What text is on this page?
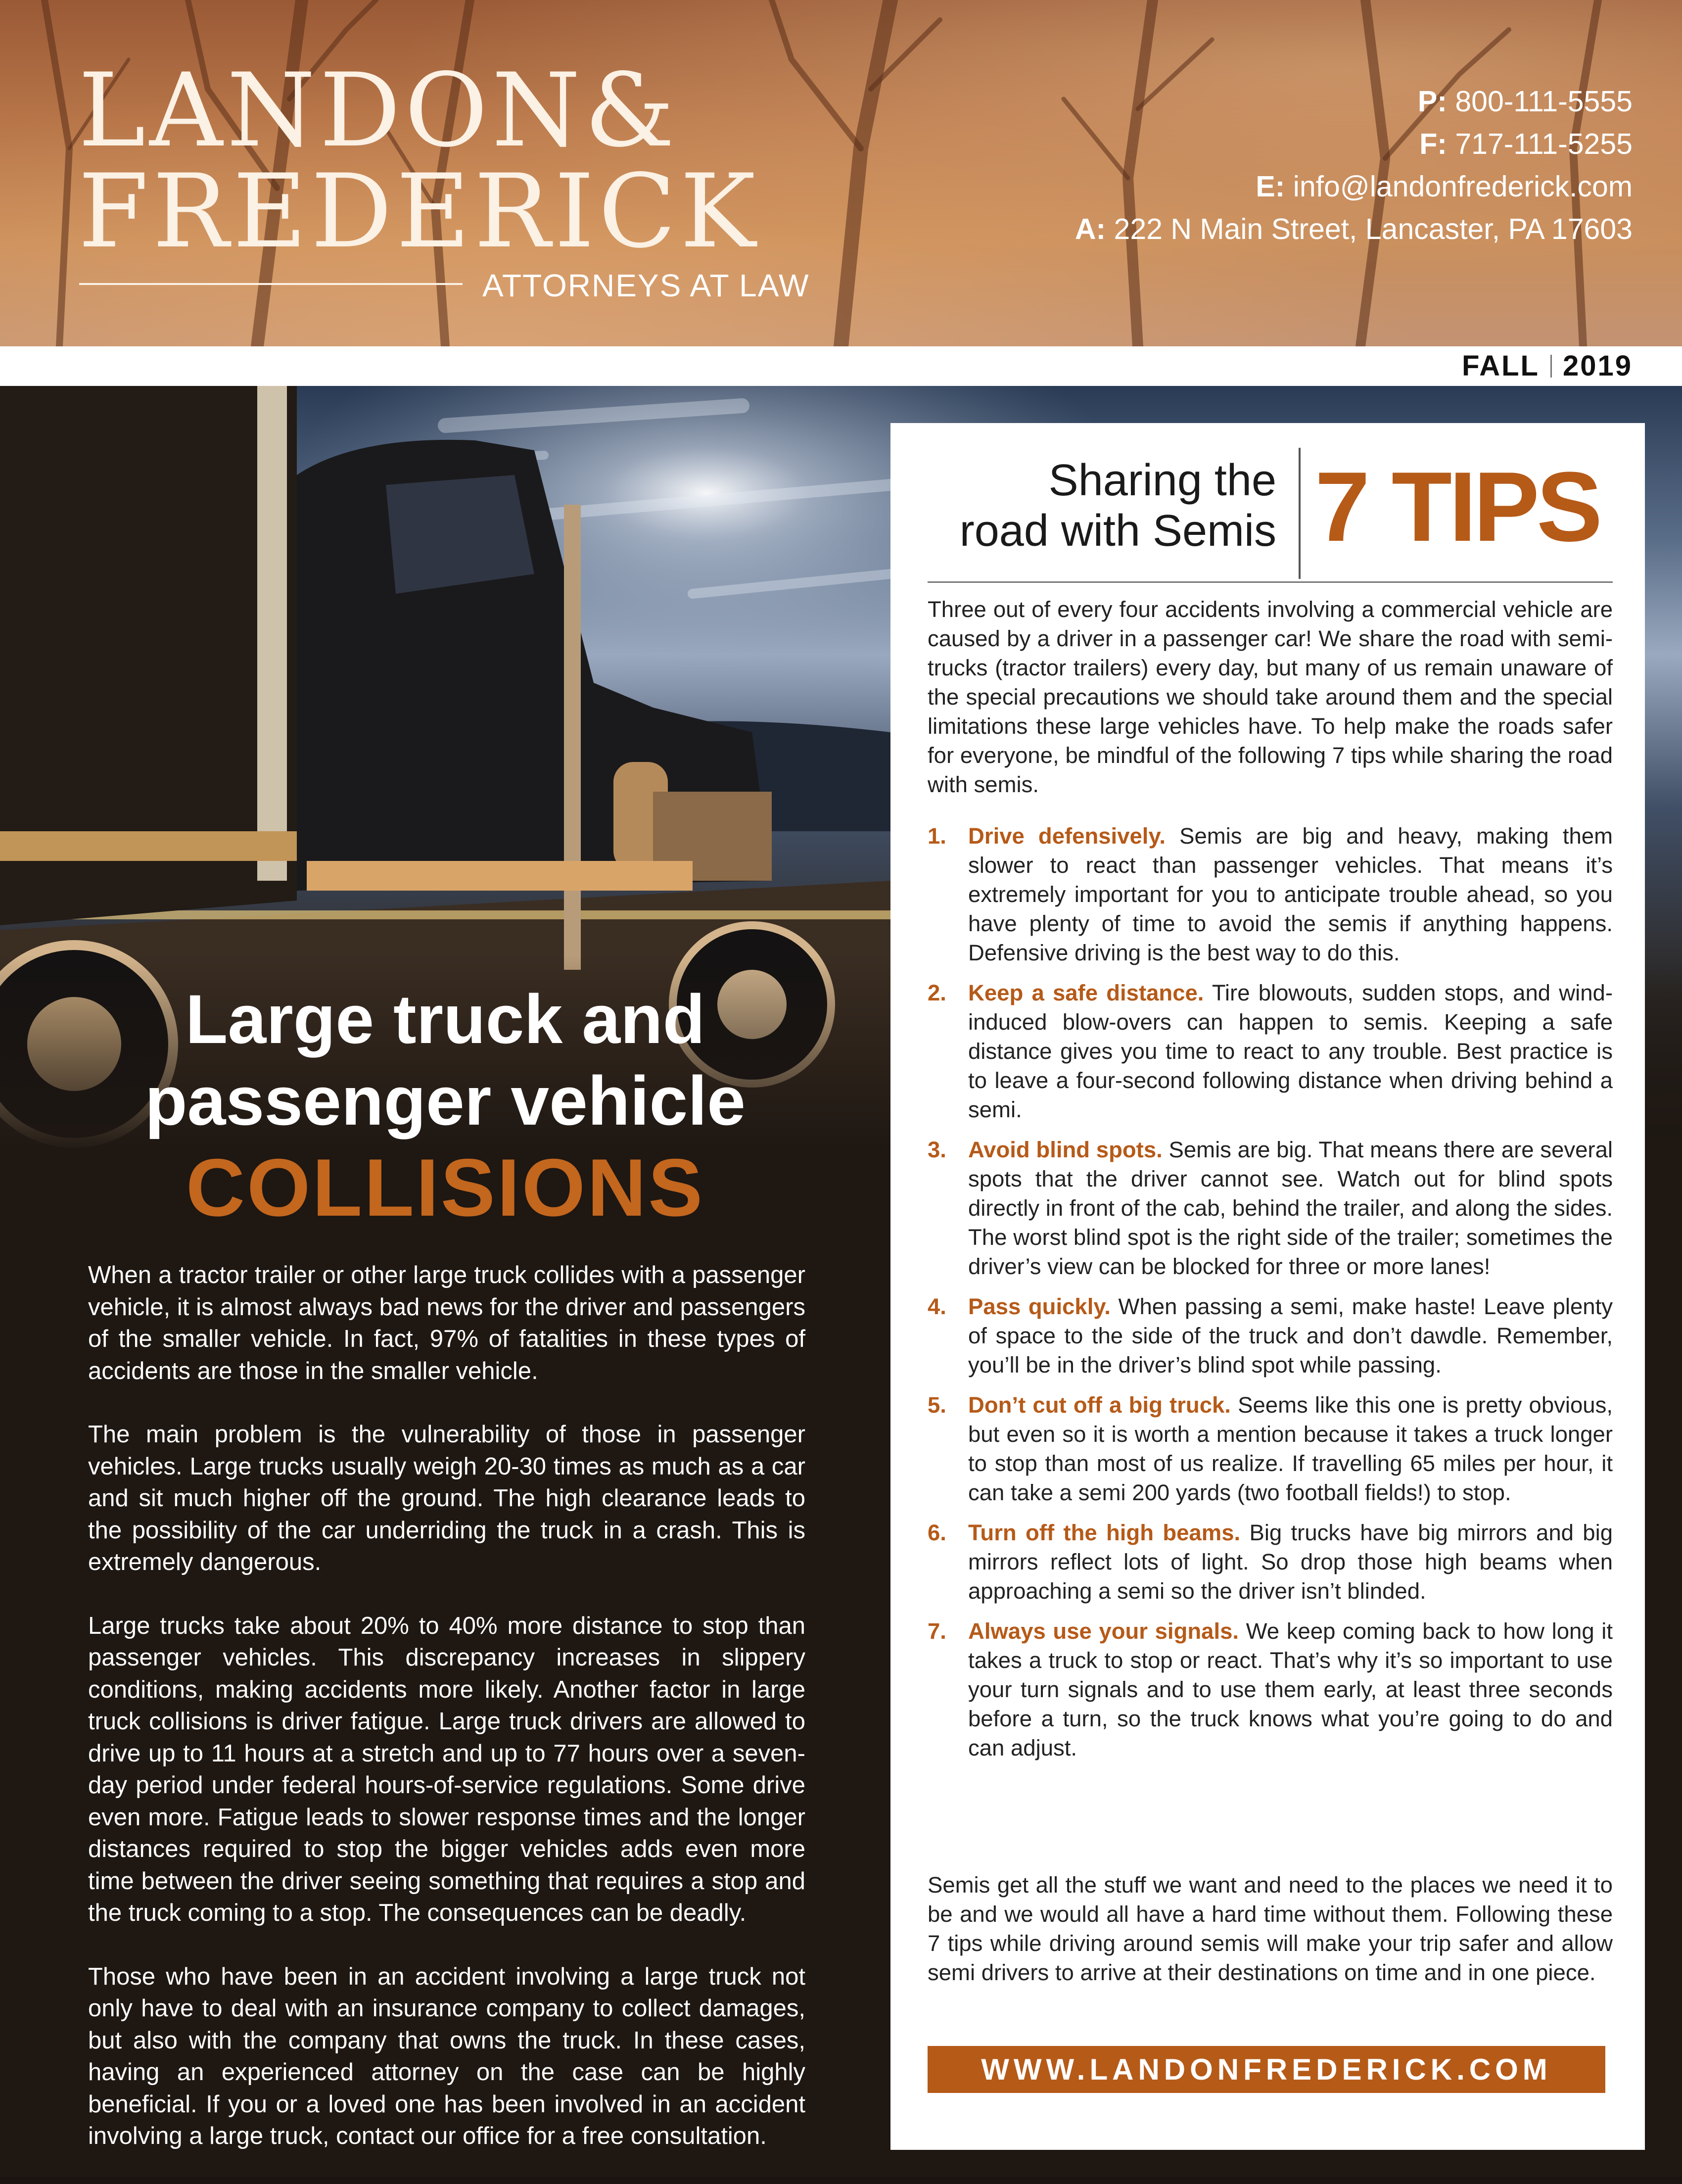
LANDON&
FREDERICK
ATTORNEYS AT LAW
P: 800-111-5555
F: 717-111-5255
E: info@landonfrederick.com
A: 222 N Main Street, Lancaster, PA 17603
FALL 2019
Large truck and
passenger vehicle
COLLISIONS

When a tractor trailer or other large truck collides with a passenger vehicle, it is almost always bad news for the driver and passengers of the smaller vehicle. In fact, 97% of fatalities in these types of accidents are those in the smaller vehicle.

The main problem is the vulnerability of those in passenger vehicles. Large trucks usually weigh 20-30 times as much as a car and sit much higher off the ground. The high clearance leads to the possibility of the car underriding the truck in a crash. This is extremely dangerous.

Large trucks take about 20% to 40% more distance to stop than passenger vehicles. This discrepancy increases in slippery conditions, making accidents more likely. Another factor in large truck collisions is driver fatigue. Large truck drivers are allowed to drive up to 11 hours at a stretch and up to 77 hours over a seven-day period under federal hours-of-service regulations. Some drive even more. Fatigue leads to slower response times and the longer distances required to stop the bigger vehicles adds even more time between the driver seeing something that requires a stop and the truck coming to a stop. The consequences can be deadly.

Those who have been in an accident involving a large truck not only have to deal with an insurance company to collect damages, but also with the company that owns the truck. In these cases, having an experienced attorney on the case can be highly beneficial. If you or a loved one has been involved in an accident involving a large truck, contact our office for a free consultation.

Sharing the
road with Semis 7 TIPS
Three out of every four accidents involving a commercial vehicle are caused by a driver in a passenger car! We share the road with semi-trucks (tractor trailers) every day, but many of us remain unaware of the special precautions we should take around them and the special limitations these large vehicles have. To help make the roads safer for everyone, be mindful of the following 7 tips while sharing the road with semis.
1. Drive defensively. Semis are big and heavy, making them slower to react than passenger vehicles. That means it’s extremely important for you to anticipate trouble ahead, so you have plenty of time to avoid the semis if anything happens. Defensive driving is the best way to do this.
2. Keep a safe distance. Tire blowouts, sudden stops, and wind-induced blow-overs can happen to semis. Keeping a safe distance gives you time to react to any trouble. Best practice is to leave a four-second following distance when driving behind a semi.
3. Avoid blind spots. Semis are big. That means there are several spots that the driver cannot see. Watch out for blind spots directly in front of the cab, behind the trailer, and along the sides. The worst blind spot is the right side of the trailer; sometimes the driver’s view can be blocked for three or more lanes!
4. Pass quickly. When passing a semi, make haste! Leave plenty of space to the side of the truck and don’t dawdle. Remember, you’ll be in the driver’s blind spot while passing.
5. Don’t cut off a big truck. Seems like this one is pretty obvious, but even so it is worth a mention because it takes a truck longer to stop than most of us realize. If travelling 65 miles per hour, it can take a semi 200 yards (two football fields!) to stop.
6. Turn off the high beams. Big trucks have big mirrors and big mirrors reflect lots of light. So drop those high beams when approaching a semi so the driver isn’t blinded.
7. Always use your signals. We keep coming back to how long it takes a truck to stop or react. That’s why it’s so important to use your turn signals and to use them early, at least three seconds before a turn, so the truck knows what you’re going to do and can adjust.
Semis get all the stuff we want and need to the places we need it to be and we would all have a hard time without them. Following these 7 tips while driving around semis will make your trip safer and allow semi drivers to arrive at their destinations on time and in one piece.
WWW.LANDONFREDERICK.COM
